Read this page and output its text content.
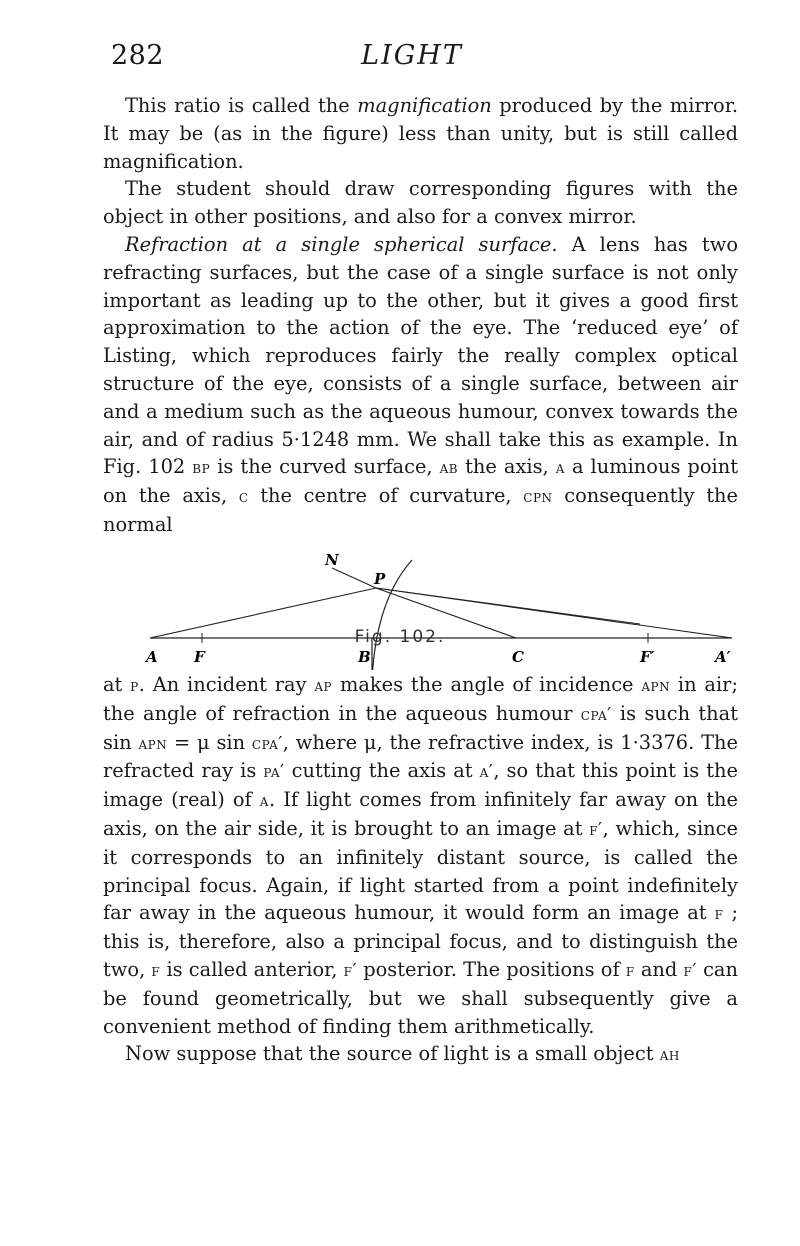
282	LIGHT

This ratio is called the magnification produced by the mirror. It may be (as in the figure) less than unity, but is still called magnification.

The student should draw corresponding figures with the object in other positions, and also for a convex mirror.

Refraction at a single spherical surface. A lens has two refracting surfaces, but the case of a single surface is not only important as leading up to the other, but it gives a good first approximation to the action of the eye. The ‘reduced eye’ of Listing, which reproduces fairly the really complex optical structure of the eye, consists of a single surface, between air and a medium such as the aqueous humour, convex towards the air, and of radius 5·1248 mm. We shall take this as example. In Fig. 102 bp is the curved surface, ab the axis, a a luminous point on the axis, c the centre of curvature, cpn consequently the normal

N
P
A F	B	C	F′	A′
Fig. 102.

at p. An incident ray ap makes the angle of incidence apn in air; the angle of refraction in the aqueous humour cpa′ is such that sin apn = μ sin cpa′, where μ, the refractive index, is 1·3376. The refracted ray is pa′ cutting the axis at a′, so that this point is the image (real) of a. If light comes from infinitely far away on the axis, on the air side, it is brought to an image at f′, which, since it corresponds to an infinitely distant source, is called the principal focus. Again, if light started from a point indefinitely far away in the aqueous humour, it would form an image at f ; this is, therefore, also a principal focus, and to distinguish the two, f is called anterior, f′ posterior. The positions of f and f′ can be found geometrically, but we shall subsequently give a convenient method of finding them arithmetically.

Now suppose that the source of light is a small object ah
